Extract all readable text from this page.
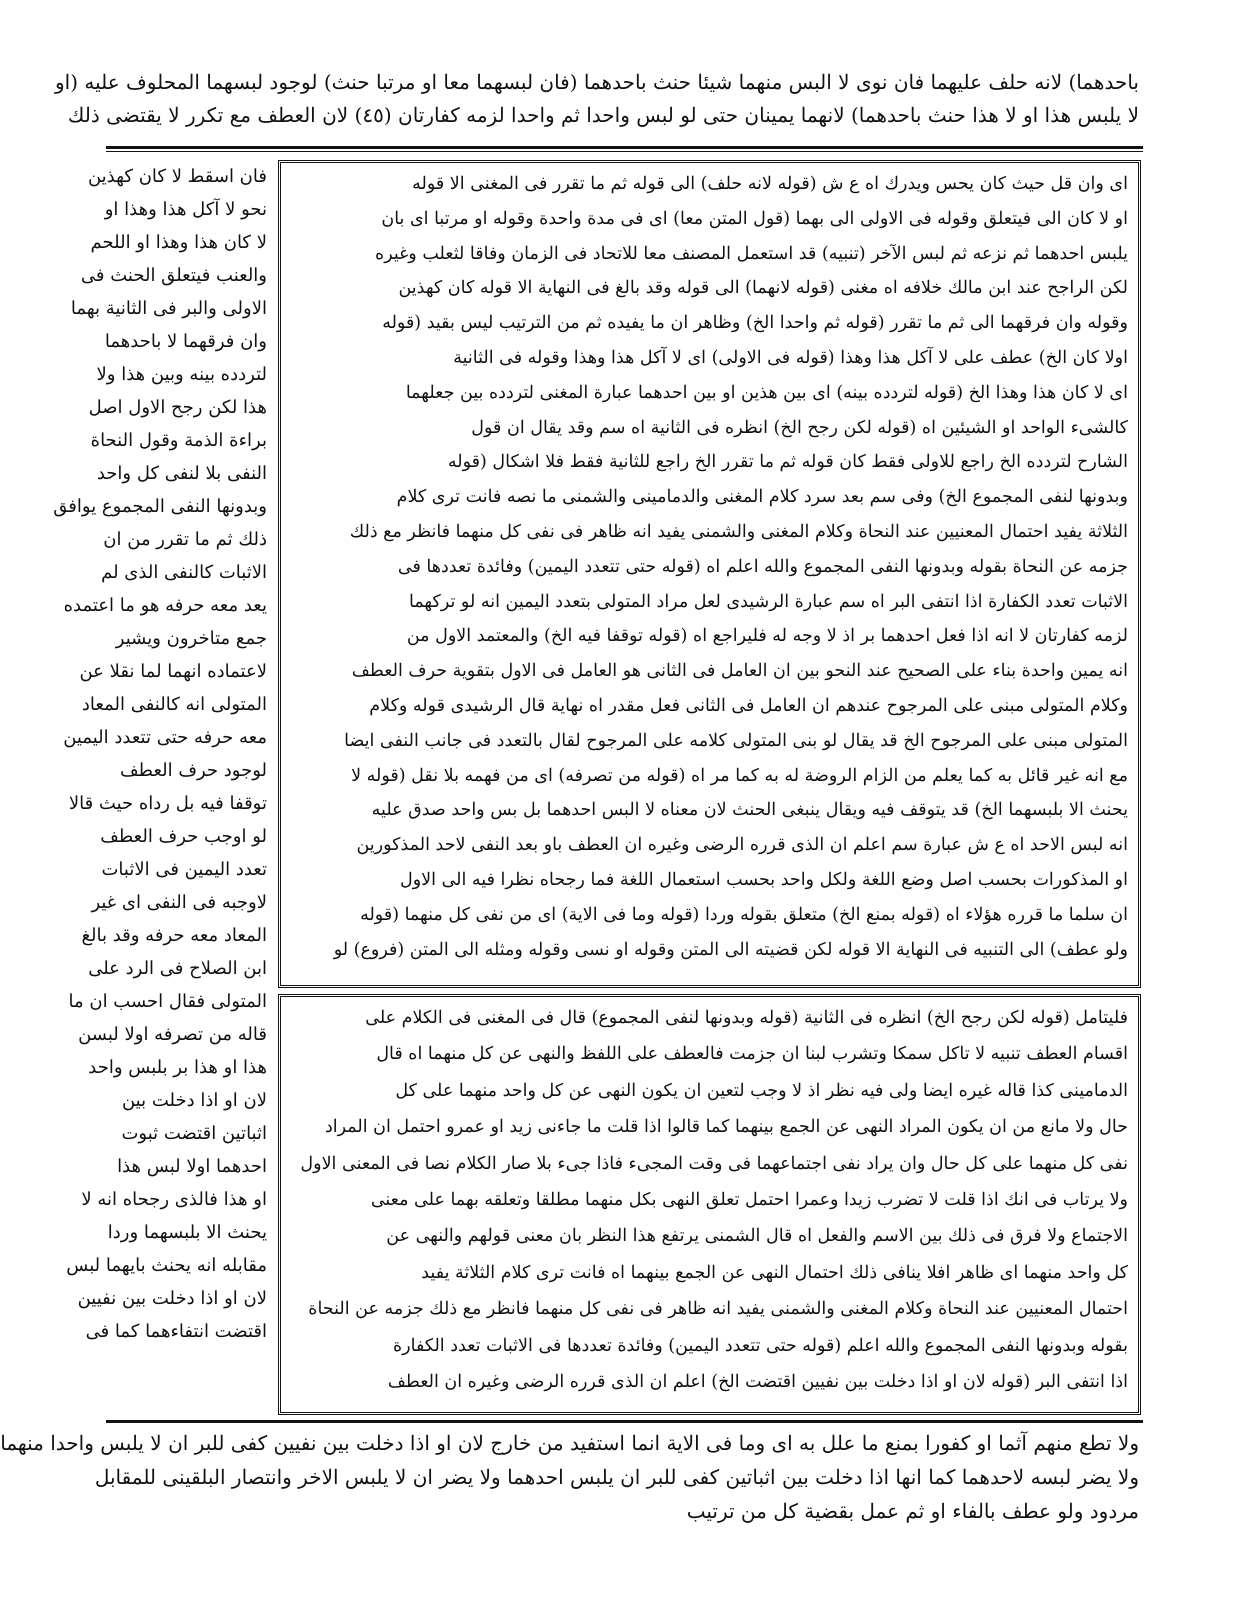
باحدهما) لانه حلف عليهما فان نوى لا البس منهما شيئا حنث باحدهما (فان لبسهما معا او مرتبا حنث) لوجود لبسهما المحلوف عليه (او
لا يلبس هذا او لا هذا حنث باحدهما) لانهما يمينان حتى لو لبس واحدا ثم واحدا لزمه كفارتان (٤٥) لان العطف مع تكرر لا يقتضى ذلك
فان اسقط لا كان كهذين
نحو لا آكل هذا وهذا او
لا كان هذا وهذا او اللحم
والعنب فيتعلق الحنث فى
الاولى والبر فى الثانية بهما
وان فرقهما لا باحدهما
لتردده بينه وبين هذا ولا
هذا لكن رجح الاول اصل
براءة الذمة وقول النحاة
النفى بلا لنفى كل واحد
وبدونها النفى المجموع يوافق
ذلك ثم ما تقرر من ان
الاثبات كالنفى الذى لم
يعد معه حرفه هو ما اعتمده
جمع متاخرون ويشير
لاعتماده انهما لما نقلا عن
المتولى انه كالنفى المعاد
معه حرفه حتى تتعدد اليمين
لوجود حرف العطف
توقفا فيه بل رداه حيث قالا
لو اوجب حرف العطف
تعدد اليمين فى الاثبات
لاوجبه فى النفى اى غير
المعاد معه حرفه وقد بالغ
ابن الصلاح فى الرد على
المتولى فقال احسب ان ما
قاله من تصرفه اولا لبسن
هذا او هذا بر بلبس واحد
لان او اذا دخلت بين
اثباتين اقتضت ثبوت
احدهما اولا لبس هذا
او هذا فالذى رجحاه انه لا
يحنث الا بلبسهما وردا
مقابله انه يحنث بايهما لبس
لان او اذا دخلت بين نفيين
اقتضت انتفاءهما كما فى
اى وان قل حيث كان يحس ويدرك اه ع ش (قوله لانه حلف) الى قوله ثم ما تقرر فى المغنى الا قوله
او لا كان الى فيتعلق وقوله فى الاولى الى بهما (قول المتن معا) اى فى مدة واحدة وقوله او مرتبا اى بان
يلبس احدهما ثم نزعه ثم لبس الآخر (تنبيه) قد استعمل المصنف معا للاتحاد فى الزمان وفاقا لثعلب وغيره
لكن الراجح عند ابن مالك خلافه اه مغنى (قوله لانهما) الى قوله وقد بالغ فى النهاية الا قوله كان كهذين
وقوله وان فرقهما الى ثم ما تقرر (قوله ثم واحدا الخ) وظاهر ان ما يفيده ثم من الترتيب ليس بقيد (قوله
اولا كان الخ) عطف على لا آكل هذا وهذا (قوله فى الاولى) اى لا آكل هذا وهذا وقوله فى الثانية
اى لا كان هذا وهذا الخ (قوله لتردده بينه) اى بين هذين او بين احدهما عبارة المغنى لتردده بين جعلهما
كالشىء الواحد او الشيئين اه (قوله لكن رجح الخ) انظره فى الثانية اه سم وقد يقال ان قول
الشارح لتردده الخ راجع للاولى فقط كان قوله ثم ما تقرر الخ راجع للثانية فقط فلا اشكال (قوله
وبدونها لنفى المجموع الخ) وفى سم بعد سرد كلام المغنى والدمامينى والشمنى ما نصه فانت ترى كلام
الثلاثة يفيد احتمال المعنيين عند النحاة وكلام المغنى والشمنى يفيد انه ظاهر فى نفى كل منهما فانظر مع ذلك
جزمه عن النحاة بقوله وبدونها النفى المجموع والله اعلم اه (قوله حتى تتعدد اليمين) وفائدة تعددها فى
الاثبات تعدد الكفارة اذا انتفى البر اه سم عبارة الرشيدى لعل مراد المتولى بتعدد اليمين انه لو تركهما
لزمه كفارتان لا انه اذا فعل احدهما بر اذ لا وجه له فليراجع اه (قوله توقفا فيه الخ) والمعتمد الاول من
انه يمين واحدة بناء على الصحيح عند النحو بين ان العامل فى الثانى هو العامل فى الاول بتقوية حرف العطف
وكلام المتولى مبنى على المرجوح عندهم ان العامل فى الثانى فعل مقدر اه نهاية قال الرشيدى قوله وكلام
المتولى مبنى على المرجوح الخ قد يقال لو بنى المتولى كلامه على المرجوح لقال بالتعدد فى جانب النفى ايضا
مع انه غير قائل به كما يعلم من الزام الروضة له به كما مر اه (قوله من تصرفه) اى من فهمه بلا نقل (قوله لا
يحنث الا بلبسهما الخ) قد يتوقف فيه ويقال ينبغى الحنث لان معناه لا البس احدهما بل بس واحد صدق عليه
انه لبس الاحد اه ع ش عبارة سم اعلم ان الذى قرره الرضى وغيره ان العطف باو بعد النفى لاحد المذكورين
او المذكورات بحسب اصل وضع اللغة ولكل واحد بحسب استعمال اللغة فما رجحاه نظرا فيه الى الاول
ان سلما ما قرره هؤلاء اه (قوله بمنع الخ) متعلق بقوله وردا (قوله وما فى الاية) اى من نفى كل منهما (قوله
ولو عطف) الى التنبيه فى النهاية الا قوله لكن قضيته الى المتن وقوله او نسى وقوله ومثله الى المتن (فروع) لو
فليتامل (قوله لكن رجح الخ) انظره فى الثانية (قوله وبدونها لنفى المجموع) قال فى المغنى فى الكلام على
اقسام العطف تنبيه لا تاكل سمكا وتشرب لبنا ان جزمت فالعطف على اللفظ والنهى عن كل منهما اه قال
الدمامينى كذا قاله غيره ايضا ولى فيه نظر اذ لا وجب لتعين ان يكون النهى عن كل واحد منهما على كل
حال ولا مانع من ان يكون المراد النهى عن الجمع بينهما كما قالوا اذا قلت ما جاءنى زيد او عمرو احتمل ان المراد
نفى كل منهما على كل حال وان يراد نفى اجتماعهما فى وقت المجىء فاذا جىء بلا صار الكلام نصا فى المعنى الاول
ولا يرتاب فى انك اذا قلت لا تضرب زيدا وعمرا احتمل تعلق النهى بكل منهما مطلقا وتعلقه بهما على معنى
الاجتماع ولا فرق فى ذلك بين الاسم والفعل اه قال الشمنى يرتفع هذا النظر بان معنى قولهم والنهى عن
كل واحد منهما اى ظاهر افلا ينافى ذلك احتمال النهى عن الجمع بينهما اه فانت ترى كلام الثلاثة يفيد
احتمال المعنيين عند النحاة وكلام المغنى والشمنى يفيد انه ظاهر فى نفى كل منهما فانظر مع ذلك جزمه عن النحاة
بقوله وبدونها النفى المجموع والله اعلم (قوله حتى تتعدد اليمين) وفائدة تعددها فى الاثبات تعدد الكفارة
اذا انتفى البر (قوله لان او اذا دخلت بين نفيين اقتضت الخ) اعلم ان الذى قرره الرضى وغيره ان العطف
ولا تطع منهم آثما او كفورا بمنع ما علل به اى وما فى الاية انما استفيد من خارج لان او اذا دخلت بين نفيين كفى للبر ان لا يلبس واحدا منهما
ولا يضر لبسه لاحدهما كما انها اذا دخلت بين اثباتين كفى للبر ان يلبس احدهما ولا يضر ان لا يلبس الاخر وانتصار البلقينى للمقابل
مردود ولو عطف بالفاء او ثم عمل بقضية كل من ترتيب
